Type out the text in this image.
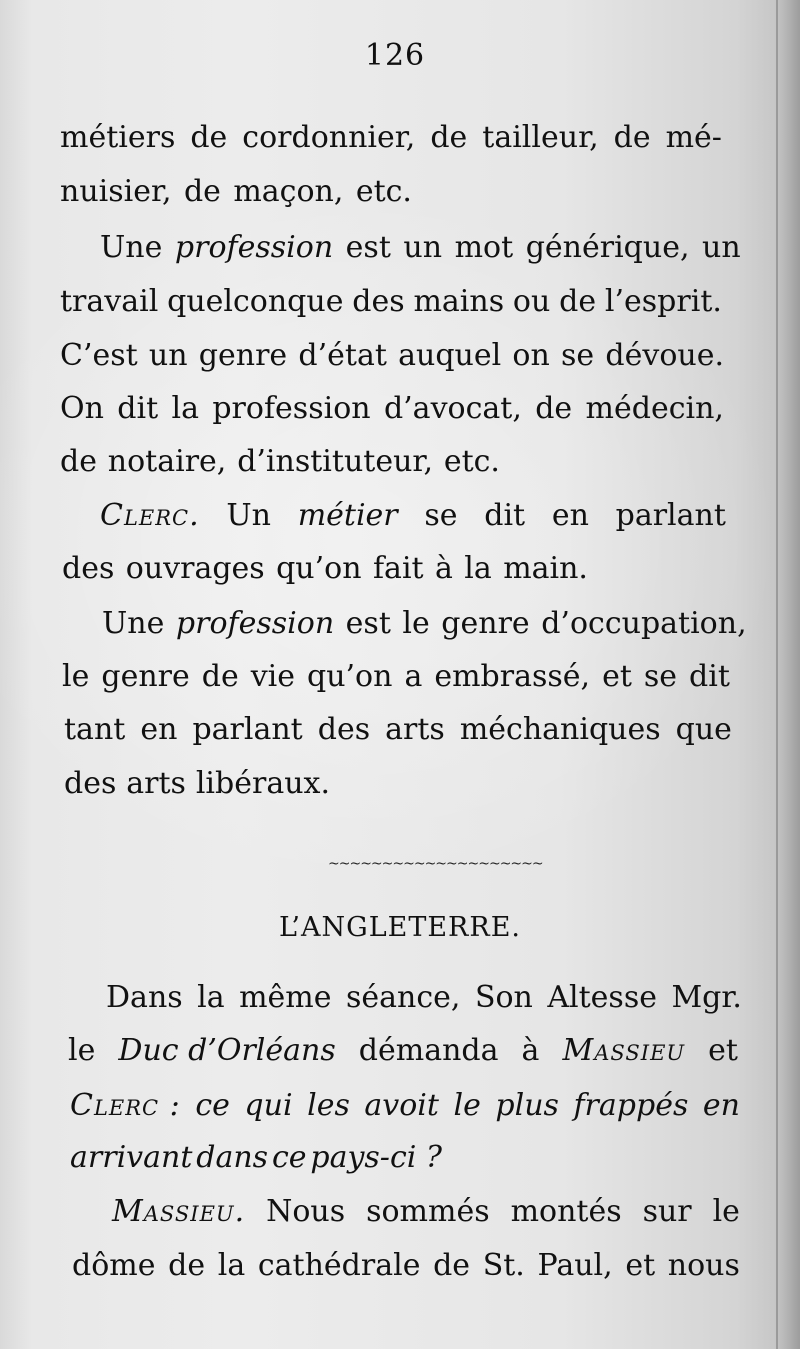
126
métiers de cordonnier, de tailleur, de mé-
nuisier, de maçon, etc.
Une profession est un mot générique, un
travail quelconque des mains ou de l’esprit.
C’est un genre d’état auquel on se dévoue.
On dit la profession d’avocat, de médecin,
de notaire, d’instituteur, etc.
Clerc. Un métier se dit en parlant
des ouvrages qu’on fait à la main.
Une profession est le genre d’occupation,
le genre de vie qu’on a embrassé, et se dit
tant en parlant des arts méchaniques que
des arts libéraux.
~~~~~~~~~~~~~~~~~~~~
L’ANGLETERRE.
Dans la même séance, Son Altesse Mgr.
le Duc d’Orléans démanda à Massieu et
Clerc : ce qui les avoit le plus frappés en
arrivant dans ce pays-ci ?
Massieu. Nous sommés montés sur le
dôme de la cathédrale de St. Paul, et nous
